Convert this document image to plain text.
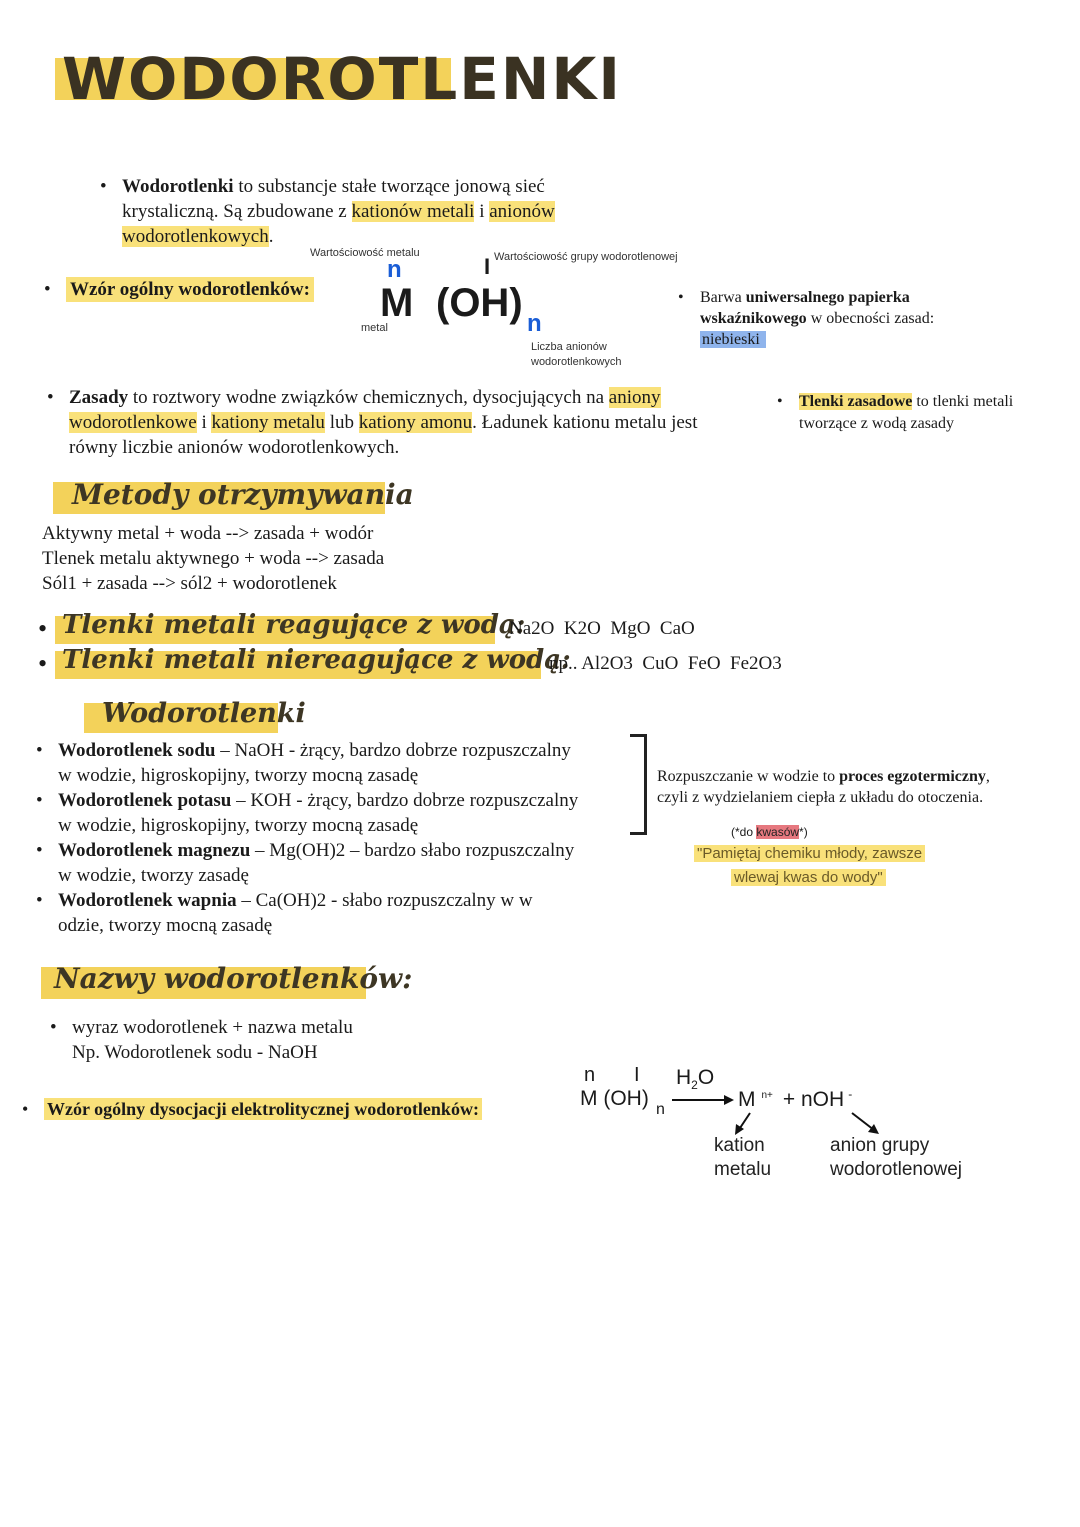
WODOROTLENKI
• Wodorotlenki to substancje stałe tworzące jonową sieć
krystaliczną. Są zbudowane z kationów metali i anionów
wodorotlenkowych.
• Wzór ogólny wodorotlenków:
Wartościowość metalu	Wartościowość grupy wodorotlenowej
n	I
M (OH) n
metal
Liczba anionów
wodorotlenkowych
• Barwa uniwersalnego papierka
wskaźnikowego w obecności zasad:
niebieski
• Zasady to roztwory wodne związków chemicznych, dysocjujących na aniony
wodorotlenkowe i kationy metalu lub kationy amonu. Ładunek kationu metalu jest
równy liczbie anionów wodorotlenkowych.
• Tlenki zasadowe to tlenki metali
tworzące z wodą zasady
Metody otrzymywania
Aktywny metal + woda --> zasada + wodór
Tlenek metalu aktywnego + woda --> zasada
Sól1 + zasada --> sól2 + wodorotlenek
• Tlenki metali reagujące z wodą:
Na2O  K2O  MgO  CaO
• Tlenki metali niereagujące z wodą:
np.. Al2O3  CuO  FeO  Fe2O3
Wodorotlenki
• Wodorotlenek sodu – NaOH - żrący, bardzo dobrze rozpuszczalny
w wodzie, higroskopijny, tworzy mocną zasadę
• Wodorotlenek potasu – KOH - żrący, bardzo dobrze rozpuszczalny
w wodzie, higroskopijny, tworzy mocną zasadę
• Wodorotlenek magnezu – Mg(OH)2 – bardzo słabo rozpuszczalny
w wodzie, tworzy zasadę
• Wodorotlenek wapnia – Ca(OH)2 - słabo rozpuszczalny w w
odzie, tworzy mocną zasadę
Rozpuszczanie w wodzie to proces egzotermiczny,
czyli z wydzielaniem ciepła z układu do otoczenia.
(*do kwasów*)
"Pamiętaj chemiku młody, zawsze
wlewaj kwas do wody"
Nazwy wodorotlenków:
• wyraz wodorotlenek + nazwa metalu
Np. Wodorotlenek sodu - NaOH
• Wzór ogólny dysocjacji elektrolitycznej wodorotlenków:
n I
M (OH) n
$H_2O$
M $^{n+}$ + nOH -
kation
metalu
anion grupy
wodorotlenowej
